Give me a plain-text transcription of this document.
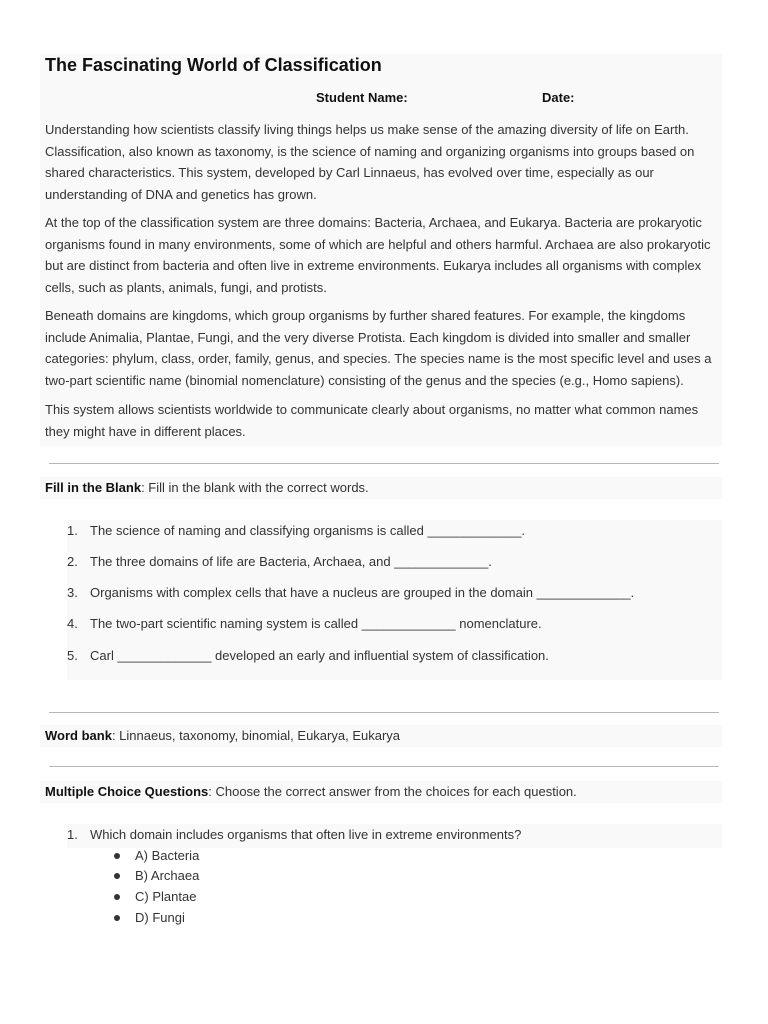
The Fascinating World of Classification
Student Name:	Date:

Understanding how scientists classify living things helps us make sense of the amazing diversity of life on Earth. Classification, also known as taxonomy, is the science of naming and organizing organisms into groups based on shared characteristics. This system, developed by Carl Linnaeus, has evolved over time, especially as our understanding of DNA and genetics has grown.

At the top of the classification system are three domains: Bacteria, Archaea, and Eukarya. Bacteria are prokaryotic organisms found in many environments, some of which are helpful and others harmful. Archaea are also prokaryotic but are distinct from bacteria and often live in extreme environments. Eukarya includes all organisms with complex cells, such as plants, animals, fungi, and protists.

Beneath domains are kingdoms, which group organisms by further shared features. For example, the kingdoms include Animalia, Plantae, Fungi, and the very diverse Protista. Each kingdom is divided into smaller and smaller categories: phylum, class, order, family, genus, and species. The species name is the most specific level and uses a two-part scientific name (binomial nomenclature) consisting of the genus and the species (e.g., Homo sapiens).

This system allows scientists worldwide to communicate clearly about organisms, no matter what common names they might have in different places.

Fill in the Blank: Fill in the blank with the correct words.
1. The science of naming and classifying organisms is called _____________.
2. The three domains of life are Bacteria, Archaea, and _____________.
3. Organisms with complex cells that have a nucleus are grouped in the domain _____________.
4. The two-part scientific naming system is called _____________ nomenclature.
5. Carl _____________ developed an early and influential system of classification.
Word bank: Linnaeus, taxonomy, binomial, Eukarya, Eukarya
Multiple Choice Questions: Choose the correct answer from the choices for each question.
1. Which domain includes organisms that often live in extreme environments?
A) Bacteria
B) Archaea
C) Plantae
D) Fungi
